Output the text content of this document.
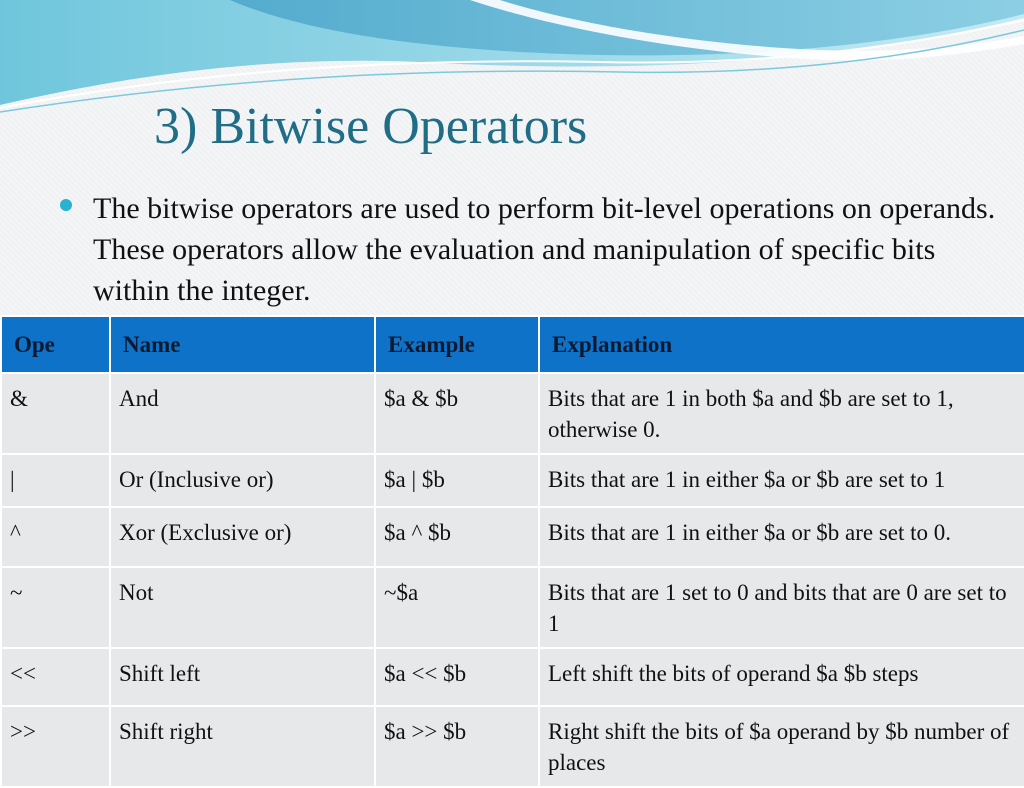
3) Bitwise Operators

The bitwise operators are used to perform bit-level operations on operands. These operators allow the evaluation and manipulation of specific bits within the integer.

Ope	Name	Example	Explanation
&	And	$a & $b	Bits that are 1 in both $a and $b are set to 1, otherwise 0.
|	Or (Inclusive or)	$a | $b	Bits that are 1 in either $a or $b are set to 1
^	Xor (Exclusive or)	$a ^ $b	Bits that are 1 in either $a or $b are set to 0.
~	Not	~$a	Bits that are 1 set to 0 and bits that are 0 are set to 1
<<	Shift left	$a << $b	Left shift the bits of operand $a $b steps
>>	Shift right	$a >> $b	Right shift the bits of $a operand by $b number of places
